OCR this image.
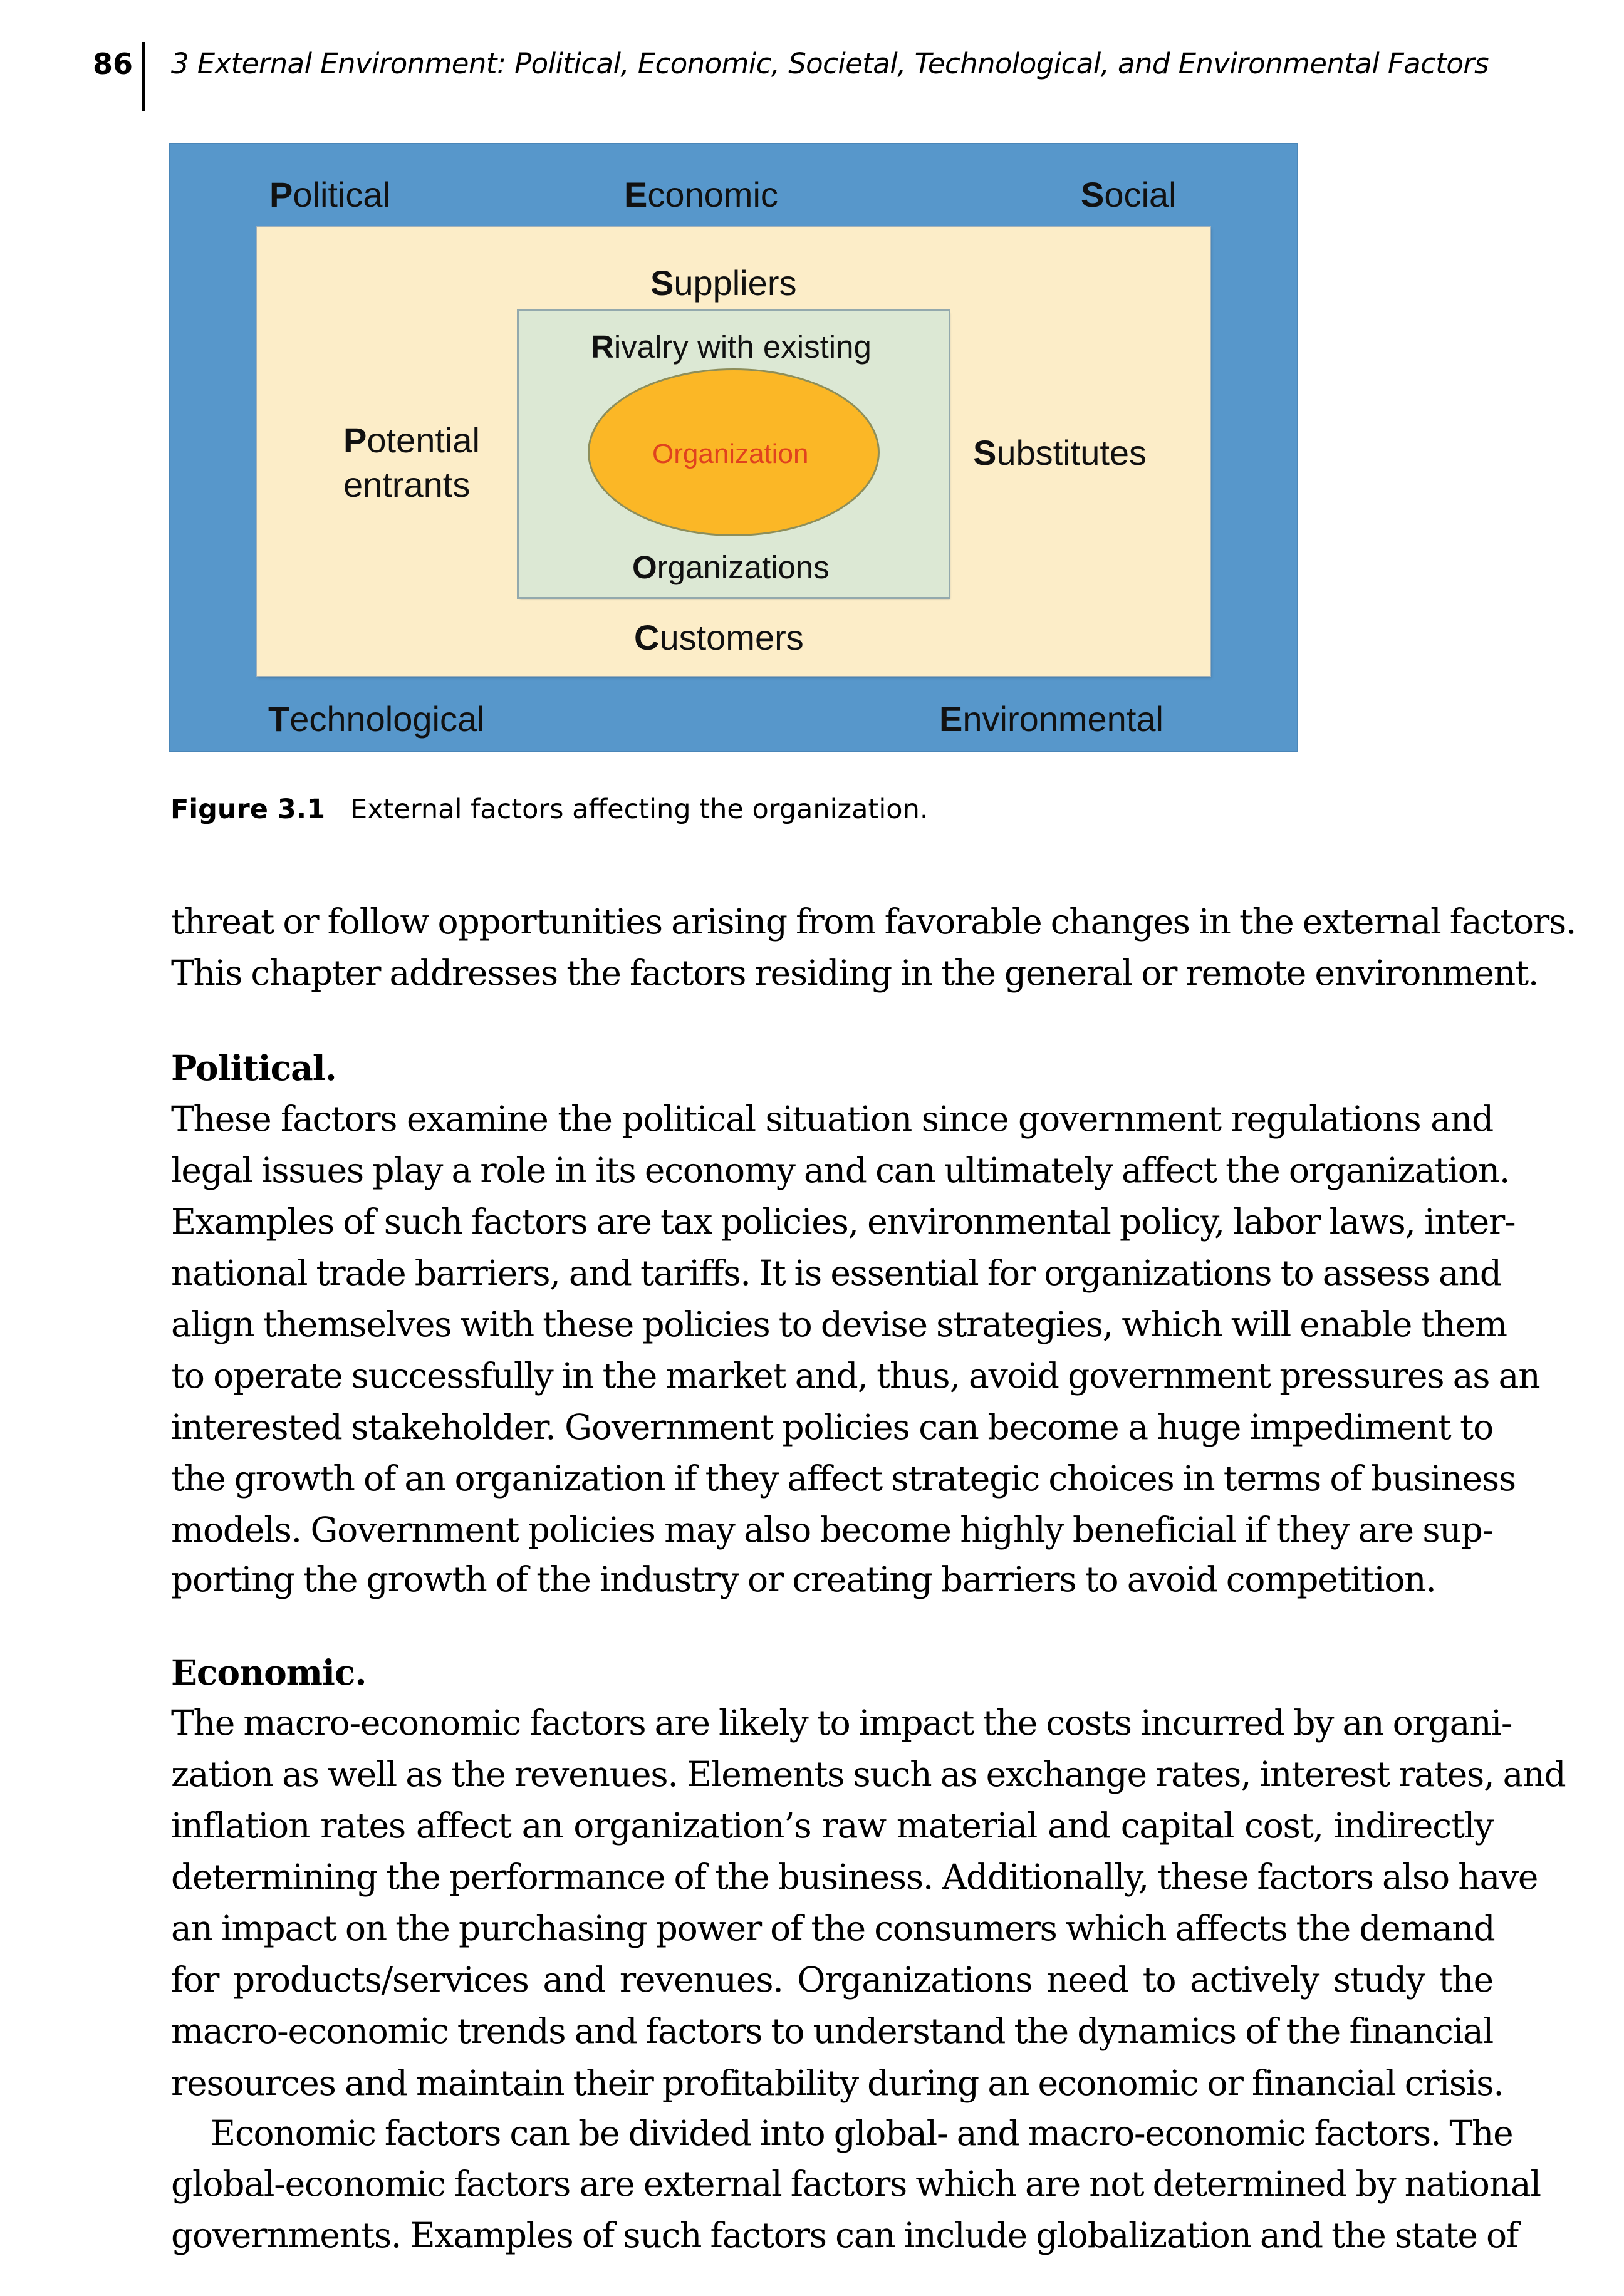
86 3 External Environment: Political, Economic, Societal, Technological, and Environmental Factors
Political	Economic	Social
Suppliers
Rivalry with existing
Potential
entrants
Organization	Substitutes
Organizations
Customers
Technological	Environmental
Figure 3.1 External factors affecting the organization.
threat or follow opportunities arising from favorable changes in the external factors.
This chapter addresses the factors residing in the general or remote environment.
Political.
These factors examine the political situation since government regulations and
legal issues play a role in its economy and can ultimately affect the organization.
Examples of such factors are tax policies, environmental policy, labor laws, inter-
national trade barriers, and tariffs. It is essential for organizations to assess and
align themselves with these policies to devise strategies, which will enable them
to operate successfully in the market and, thus, avoid government pressures as an
interested stakeholder. Government policies can become a huge impediment to
the growth of an organization if they affect strategic choices in terms of business
models. Government policies may also become highly beneficial if they are sup-
porting the growth of the industry or creating barriers to avoid competition.
Economic.
The macro-economic factors are likely to impact the costs incurred by an organi-
zation as well as the revenues. Elements such as exchange rates, interest rates, and
inflation rates affect an organization’s raw material and capital cost, indirectly
determining the performance of the business. Additionally, these factors also have
an impact on the purchasing power of the consumers which affects the demand
for products/services and revenues. Organizations need to actively study the
macro-economic trends and factors to understand the dynamics of the financial
resources and maintain their profitability during an economic or financial crisis.
Economic factors can be divided into global- and macro-economic factors. The
global-economic factors are external factors which are not determined by national
governments. Examples of such factors can include globalization and the state of
